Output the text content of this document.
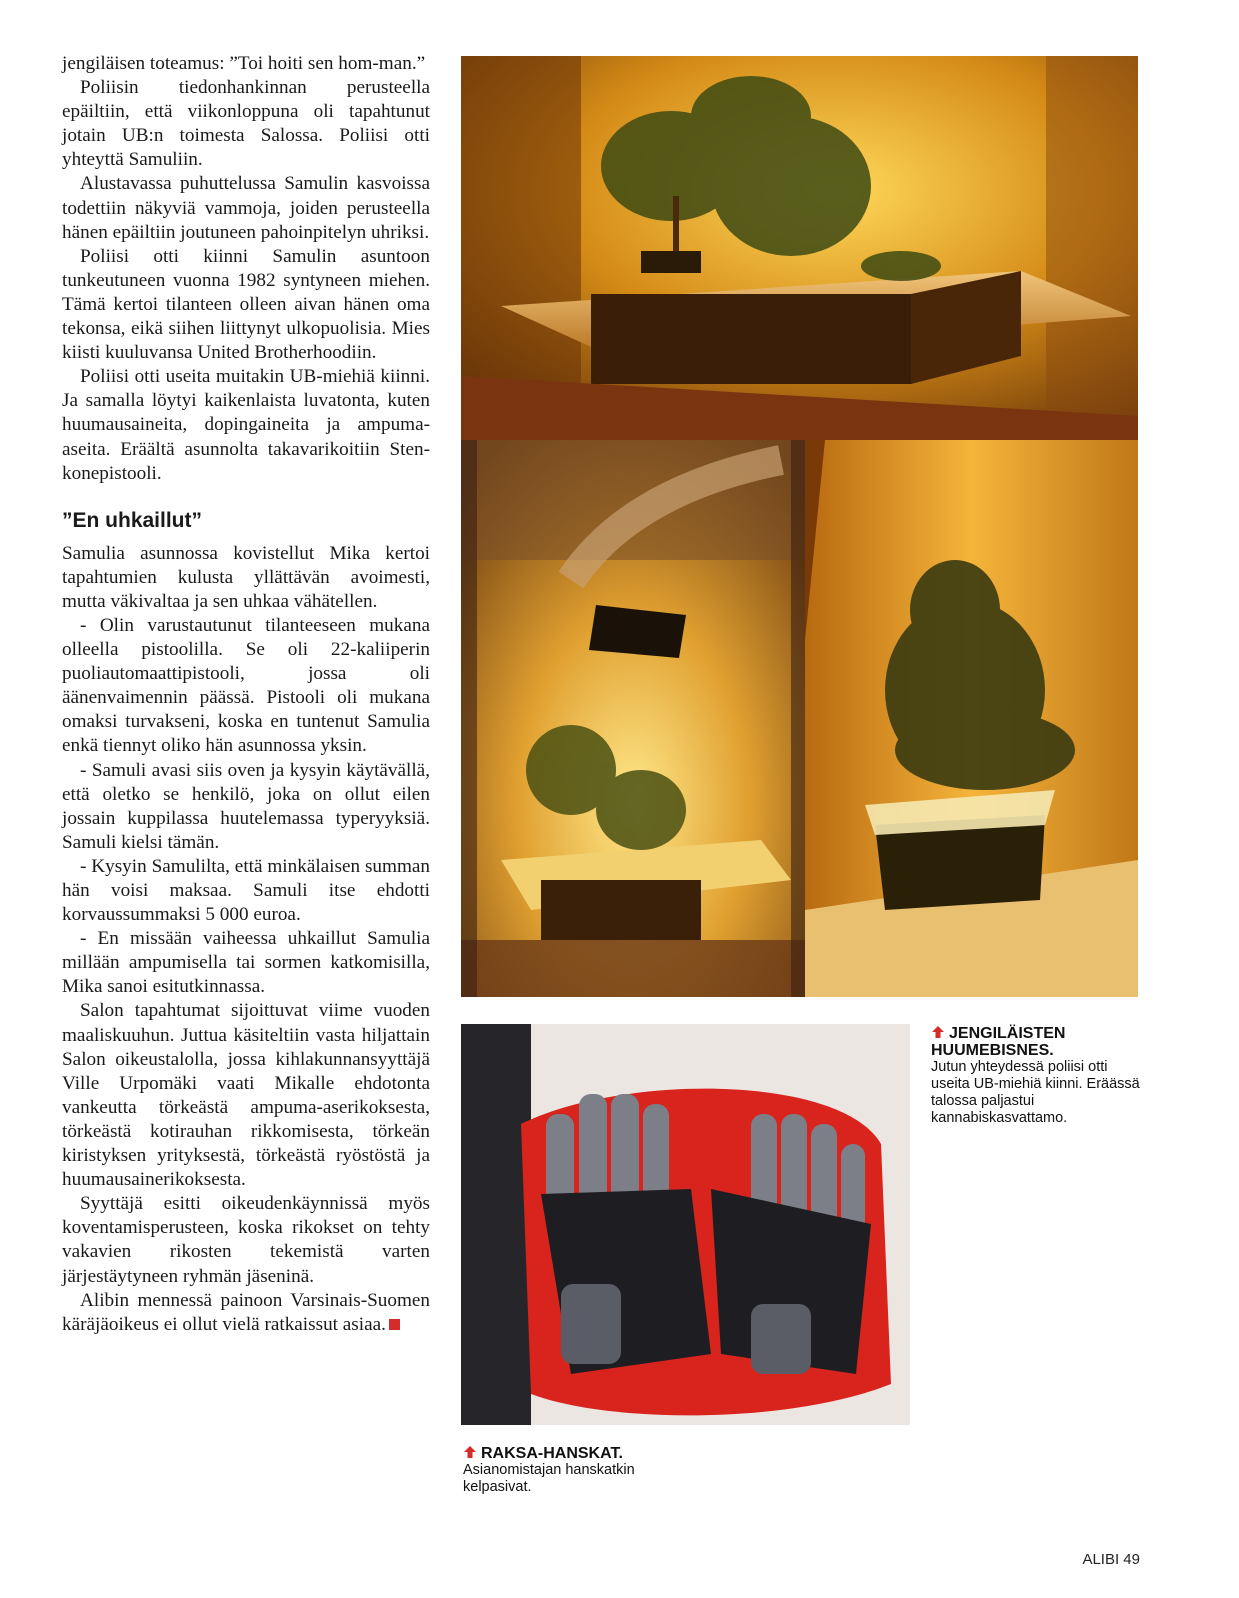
jengiläisen toteamus: ”Toi hoiti sen hom-man.”

Poliisin tiedonhankinnan perusteella epäiltiin, että viikonloppuna oli tapahtunut jotain UB:n toimesta Salossa. Poliisi otti yhteyttä Samuliin.

Alustavassa puhuttelussa Samulin kasvoissa todettiin näkyviä vammoja, joiden perusteella hänen epäiltiin joutuneen pahoinpitelyn uhriksi.

Poliisi otti kiinni Samulin asuntoon tunkeutuneen vuonna 1982 syntyneen miehen. Tämä kertoi tilanteen olleen aivan hänen oma tekonsa, eikä siihen liittynyt ulkopuolisia. Mies kiisti kuuluvansa United Brotherhoodiin.

Poliisi otti useita muitakin UB-miehiä kiinni. Ja samalla löytyi kaikenlaista luvatonta, kuten huumausaineita, dopingaineita ja ampuma-aseita. Eräältä asunnolta takavarikoitiin Sten-konepistooli.

”En uhkaillut”

Samulia asunnossa kovistellut Mika kertoi tapahtumien kulusta yllättävän avoimesti, mutta väkivaltaa ja sen uhkaa vähätellen.

- Olin varustautunut tilanteeseen mukana olleella pistoolilla. Se oli 22-kaliiperin puoliautomaattipistooli, jossa oli äänenvaimennin päässä. Pistooli oli mukana omaksi turvakseni, koska en tuntenut Samulia enkä tiennyt oliko hän asunnossa yksin.

- Samuli avasi siis oven ja kysyin käytävällä, että oletko se henkilö, joka on ollut eilen jossain kuppilassa huutelemassa typeryyksiä. Samuli kielsi tämän.

- Kysyin Samulilta, että minkälaisen summan hän voisi maksaa. Samuli itse ehdotti korvaussummaksi 5 000 euroa.

- En missään vaiheessa uhkaillut Samulia millään ampumisella tai sormen katkomisilla, Mika sanoi esitutkinnassa.

Salon tapahtumat sijoittuvat viime vuoden maaliskuuhun. Juttua käsiteltiin vasta hiljattain Salon oikeustalolla, jossa kihlakunnansyyttäjä Ville Urpomäki vaati Mikalle ehdotonta vankeutta törkeästä ampuma-aserikoksesta, törkeästä kotirauhan rikkomisesta, törkeän kiristyksen yrityksestä, törkeästä ryöstöstä ja huumausainerikoksesta.

Syyttäjä esitti oikeudenkäynnissä myös koventamisperusteen, koska rikokset on tehty vakavien rikosten tekemistä varten järjestäytyneen ryhmän jäseninä.

Alibin mennessä painoon Varsinais-Suomen käräjäoikeus ei ollut vielä ratkaissut asiaa.

JENGILÄISTEN HUUMEBISNES.
Jutun yhteydessä poliisi otti useita UB-miehiä kiinni. Eräässä talossa paljastui kannabiskasvattamo.
RAKSA-HANSKAT.
Asianomistajan hanskatkin kelpasivat.
ALIBI 49
